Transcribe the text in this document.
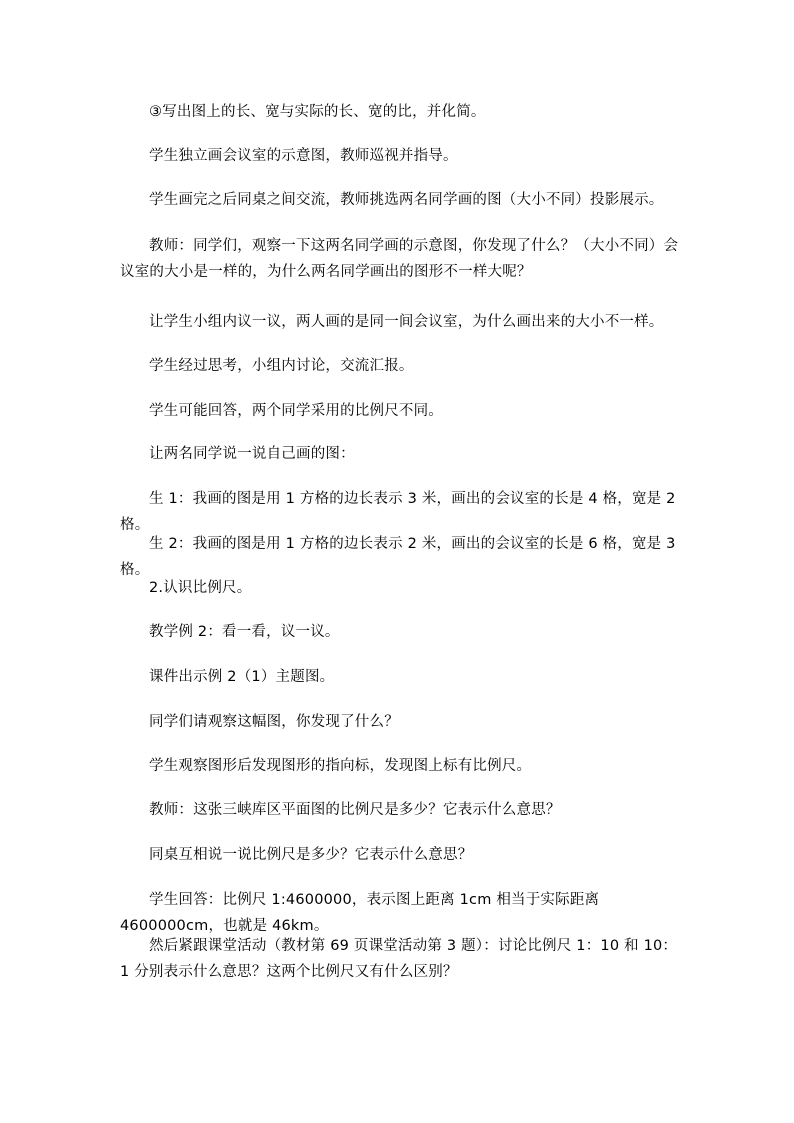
③写出图上的长、宽与实际的长、宽的比，并化简。

学生独立画会议室的示意图，教师巡视并指导。

学生画完之后同桌之间交流，教师挑选两名同学画的图（大小不同）投影展示。

教师：同学们，观察一下这两名同学画的示意图，你发现了什么？（大小不同）会议室的大小是一样的，为什么两名同学画出的图形不一样大呢？

让学生小组内议一议，两人画的是同一间会议室，为什么画出来的大小不一样。

学生经过思考，小组内讨论，交流汇报。

学生可能回答，两个同学采用的比例尺不同。

让两名同学说一说自己画的图：

生 1：我画的图是用 1 方格的边长表示 3 米，画出的会议室的长是 4 格，宽是 2 格。

生 2：我画的图是用 1 方格的边长表示 2 米，画出的会议室的长是 6 格，宽是 3 格。

2.认识比例尺。

教学例 2：看一看，议一议。

课件出示例 2（1）主题图。

同学们请观察这幅图，你发现了什么？

学生观察图形后发现图形的指向标，发现图上标有比例尺。

教师：这张三峡库区平面图的比例尺是多少？它表示什么意思？

同桌互相说一说比例尺是多少？它表示什么意思？

学生回答：比例尺 1:4600000，表示图上距离 1cm 相当于实际距离 4600000cm，也就是 46km。

然后紧跟课堂活动（教材第 69 页课堂活动第 3 题）：讨论比例尺 1：10 和 10：1 分别表示什么意思？这两个比例尺又有什么区别？
